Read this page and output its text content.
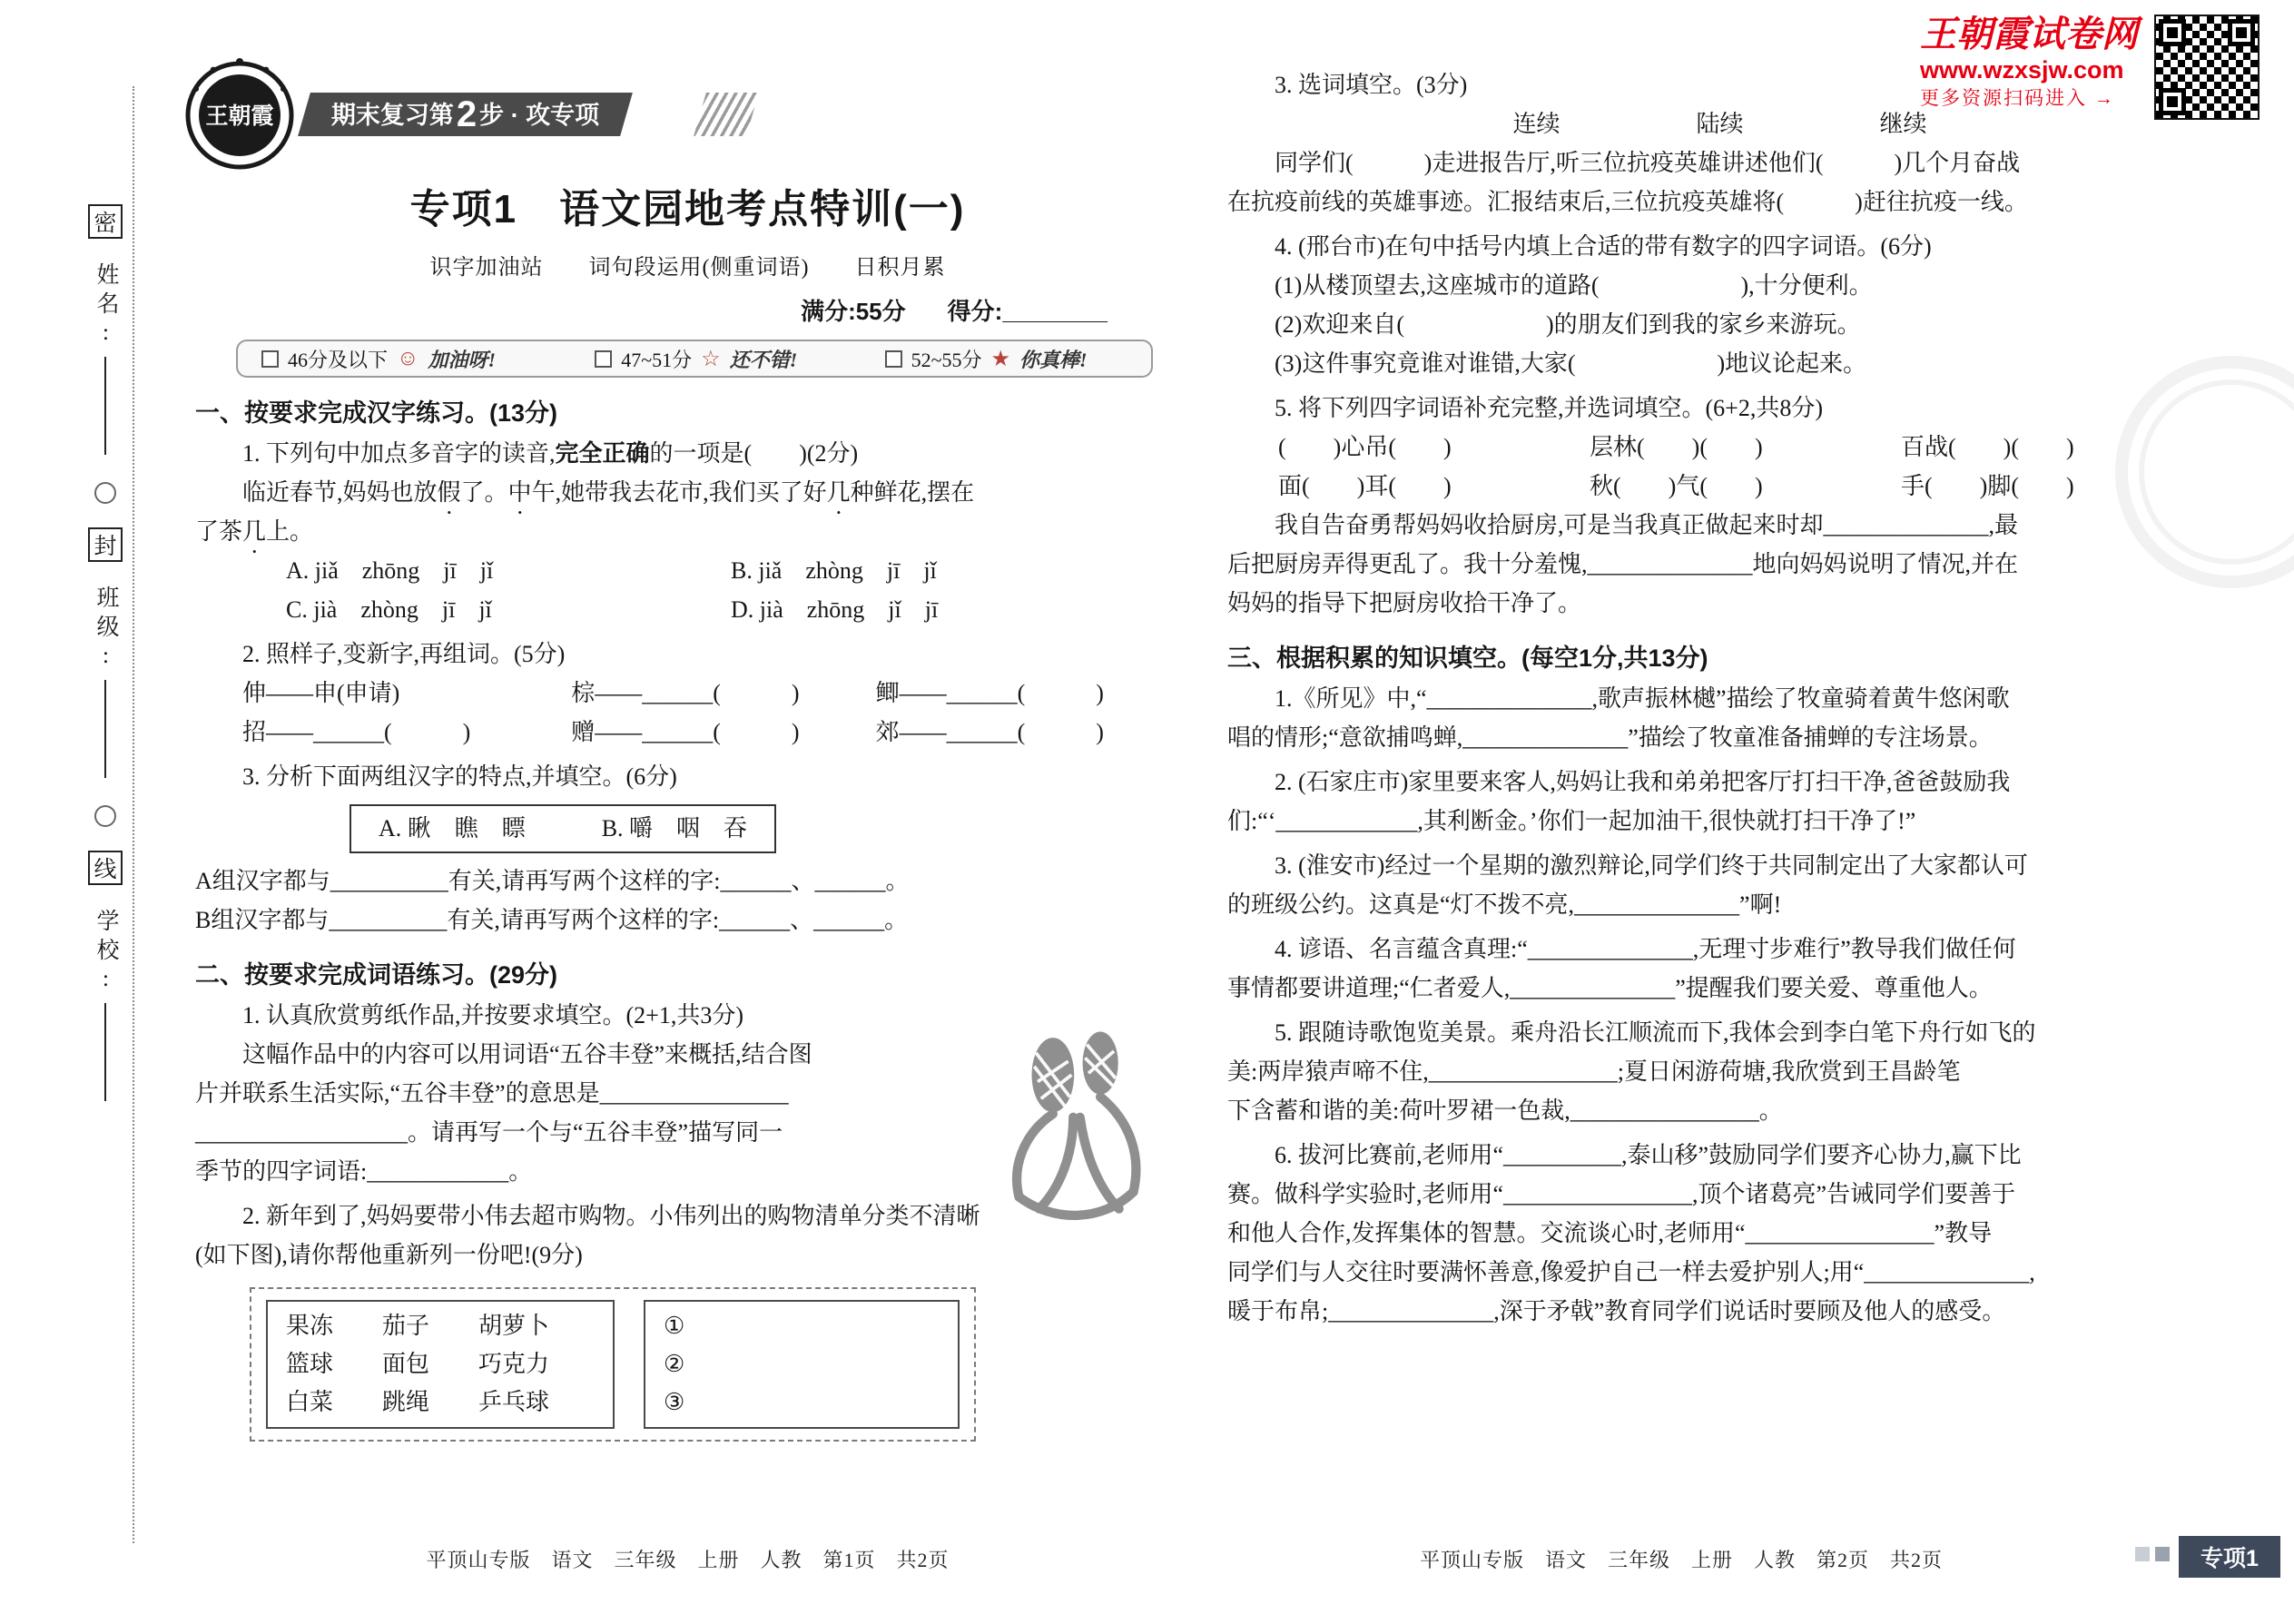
王朝霞试卷网
www.wzxsjw.com
更多资源扫码进入 →
密
姓名:
封
班级:
线
学校:
王朝霞	期末复习第2 步 · 攻专项
专项1　语文园地考点特训(一)
识字加油站　　词句段运用(侧重词语)　　日积月累
满分:55分 得分:________
46分及以下 ☺ 加油呀!	47~51分 ☆ 还不错!	52~55分 ★ 你真棒!
一、按要求完成汉字练习。(13分)
1. 下列句中加点多音字的读音,完全正确的一项是(　　)(2分)
临近春节,妈妈也放假了。中午,她带我去花市,我们买了好几种鲜花,摆在
了茶几上。
A. jiǎ　zhōng　jī　jǐ	B. jiǎ　zhòng　jī　jǐ
C. jià　zhòng　jī　jǐ	D. jià　zhōng　jǐ　jī
2. 照样子,变新字,再组词。(5分)
伸——申(申请)	棕——______(　　　)	鲫——______(　　　)
招——______(　　　)	赠——______(　　　)	郊——______(　　　)
3. 分析下面两组汉字的特点,并填空。(6分)
A. 瞅　瞧　瞟	B. 嚼　咽　吞
A组汉字都与__________有关,请再写两个这样的字:______、______。
B组汉字都与__________有关,请再写两个这样的字:______、______。
二、按要求完成词语练习。(29分)
1. 认真欣赏剪纸作品,并按要求填空。(2+1,共3分)
这幅作品中的内容可以用词语“五谷丰登”来概括,结合图
片并联系生活实际,“五谷丰登”的意思是________________
__________________。请再写一个与“五谷丰登”描写同一
季节的四字词语:____________。
2. 新年到了,妈妈要带小伟去超市购物。小伟列出的购物清单分类不清晰
(如下图),请你帮他重新列一份吧!(9分)
果冻	茄子	胡萝卜
篮球	面包	巧克力
白菜	跳绳	乒乓球
①
②
③
3. 选词填空。(3分)
连续	陆续	继续
同学们(　　　)走进报告厅,听三位抗疫英雄讲述他们(　　　)几个月奋战
在抗疫前线的英雄事迹。汇报结束后,三位抗疫英雄将(　　　)赶往抗疫一线。
4. (邢台市)在句中括号内填上合适的带有数字的四字词语。(6分)
(1)从楼顶望去,这座城市的道路(　　　　　　),十分便利。
(2)欢迎来自(　　　　　　)的朋友们到我的家乡来游玩。
(3)这件事究竟谁对谁错,大家(　　　　　　)地议论起来。
5. 将下列四字词语补充完整,并选词填空。(6+2,共8分)
(　　)心吊(　　)	层林(　　)(　　)	百战(　　)(　　)
面(　　)耳(　　)	秋(　　)气(　　)	手(　　)脚(　　)
我自告奋勇帮妈妈收拾厨房,可是当我真正做起来时却______________,最
后把厨房弄得更乱了。我十分羞愧,______________地向妈妈说明了情况,并在
妈妈的指导下把厨房收拾干净了。
三、根据积累的知识填空。(每空1分,共13分)
1.《所见》中,“______________,歌声振林樾”描绘了牧童骑着黄牛悠闲歌
唱的情形;“意欲捕鸣蝉,______________”描绘了牧童准备捕蝉的专注场景。
2. (石家庄市)家里要来客人,妈妈让我和弟弟把客厅打扫干净,爸爸鼓励我
们:“‘____________,其利断金。’你们一起加油干,很快就打扫干净了!”
3. (淮安市)经过一个星期的激烈辩论,同学们终于共同制定出了大家都认可
的班级公约。这真是“灯不拨不亮,______________”啊!
4. 谚语、名言蕴含真理:“______________,无理寸步难行”教导我们做任何
事情都要讲道理;“仁者爱人,______________”提醒我们要关爱、尊重他人。
5. 跟随诗歌饱览美景。乘舟沿长江顺流而下,我体会到李白笔下舟行如飞的
美:两岸猿声啼不住,________________;夏日闲游荷塘,我欣赏到王昌龄笔
下含蓄和谐的美:荷叶罗裙一色裁,________________。
6. 拔河比赛前,老师用“__________,泰山移”鼓励同学们要齐心协力,赢下比
赛。做科学实验时,老师用“________________,顶个诸葛亮”告诫同学们要善于
和他人合作,发挥集体的智慧。交流谈心时,老师用“________________”教导
同学们与人交往时要满怀善意,像爱护自己一样去爱护别人;用“______________,
暖于布帛;______________,深于矛戟”教育同学们说话时要顾及他人的感受。
平顶山专版　语文　三年级　上册　人教　第1页　共2页	平顶山专版　语文　三年级　上册　人教　第2页　共2页	专项1
